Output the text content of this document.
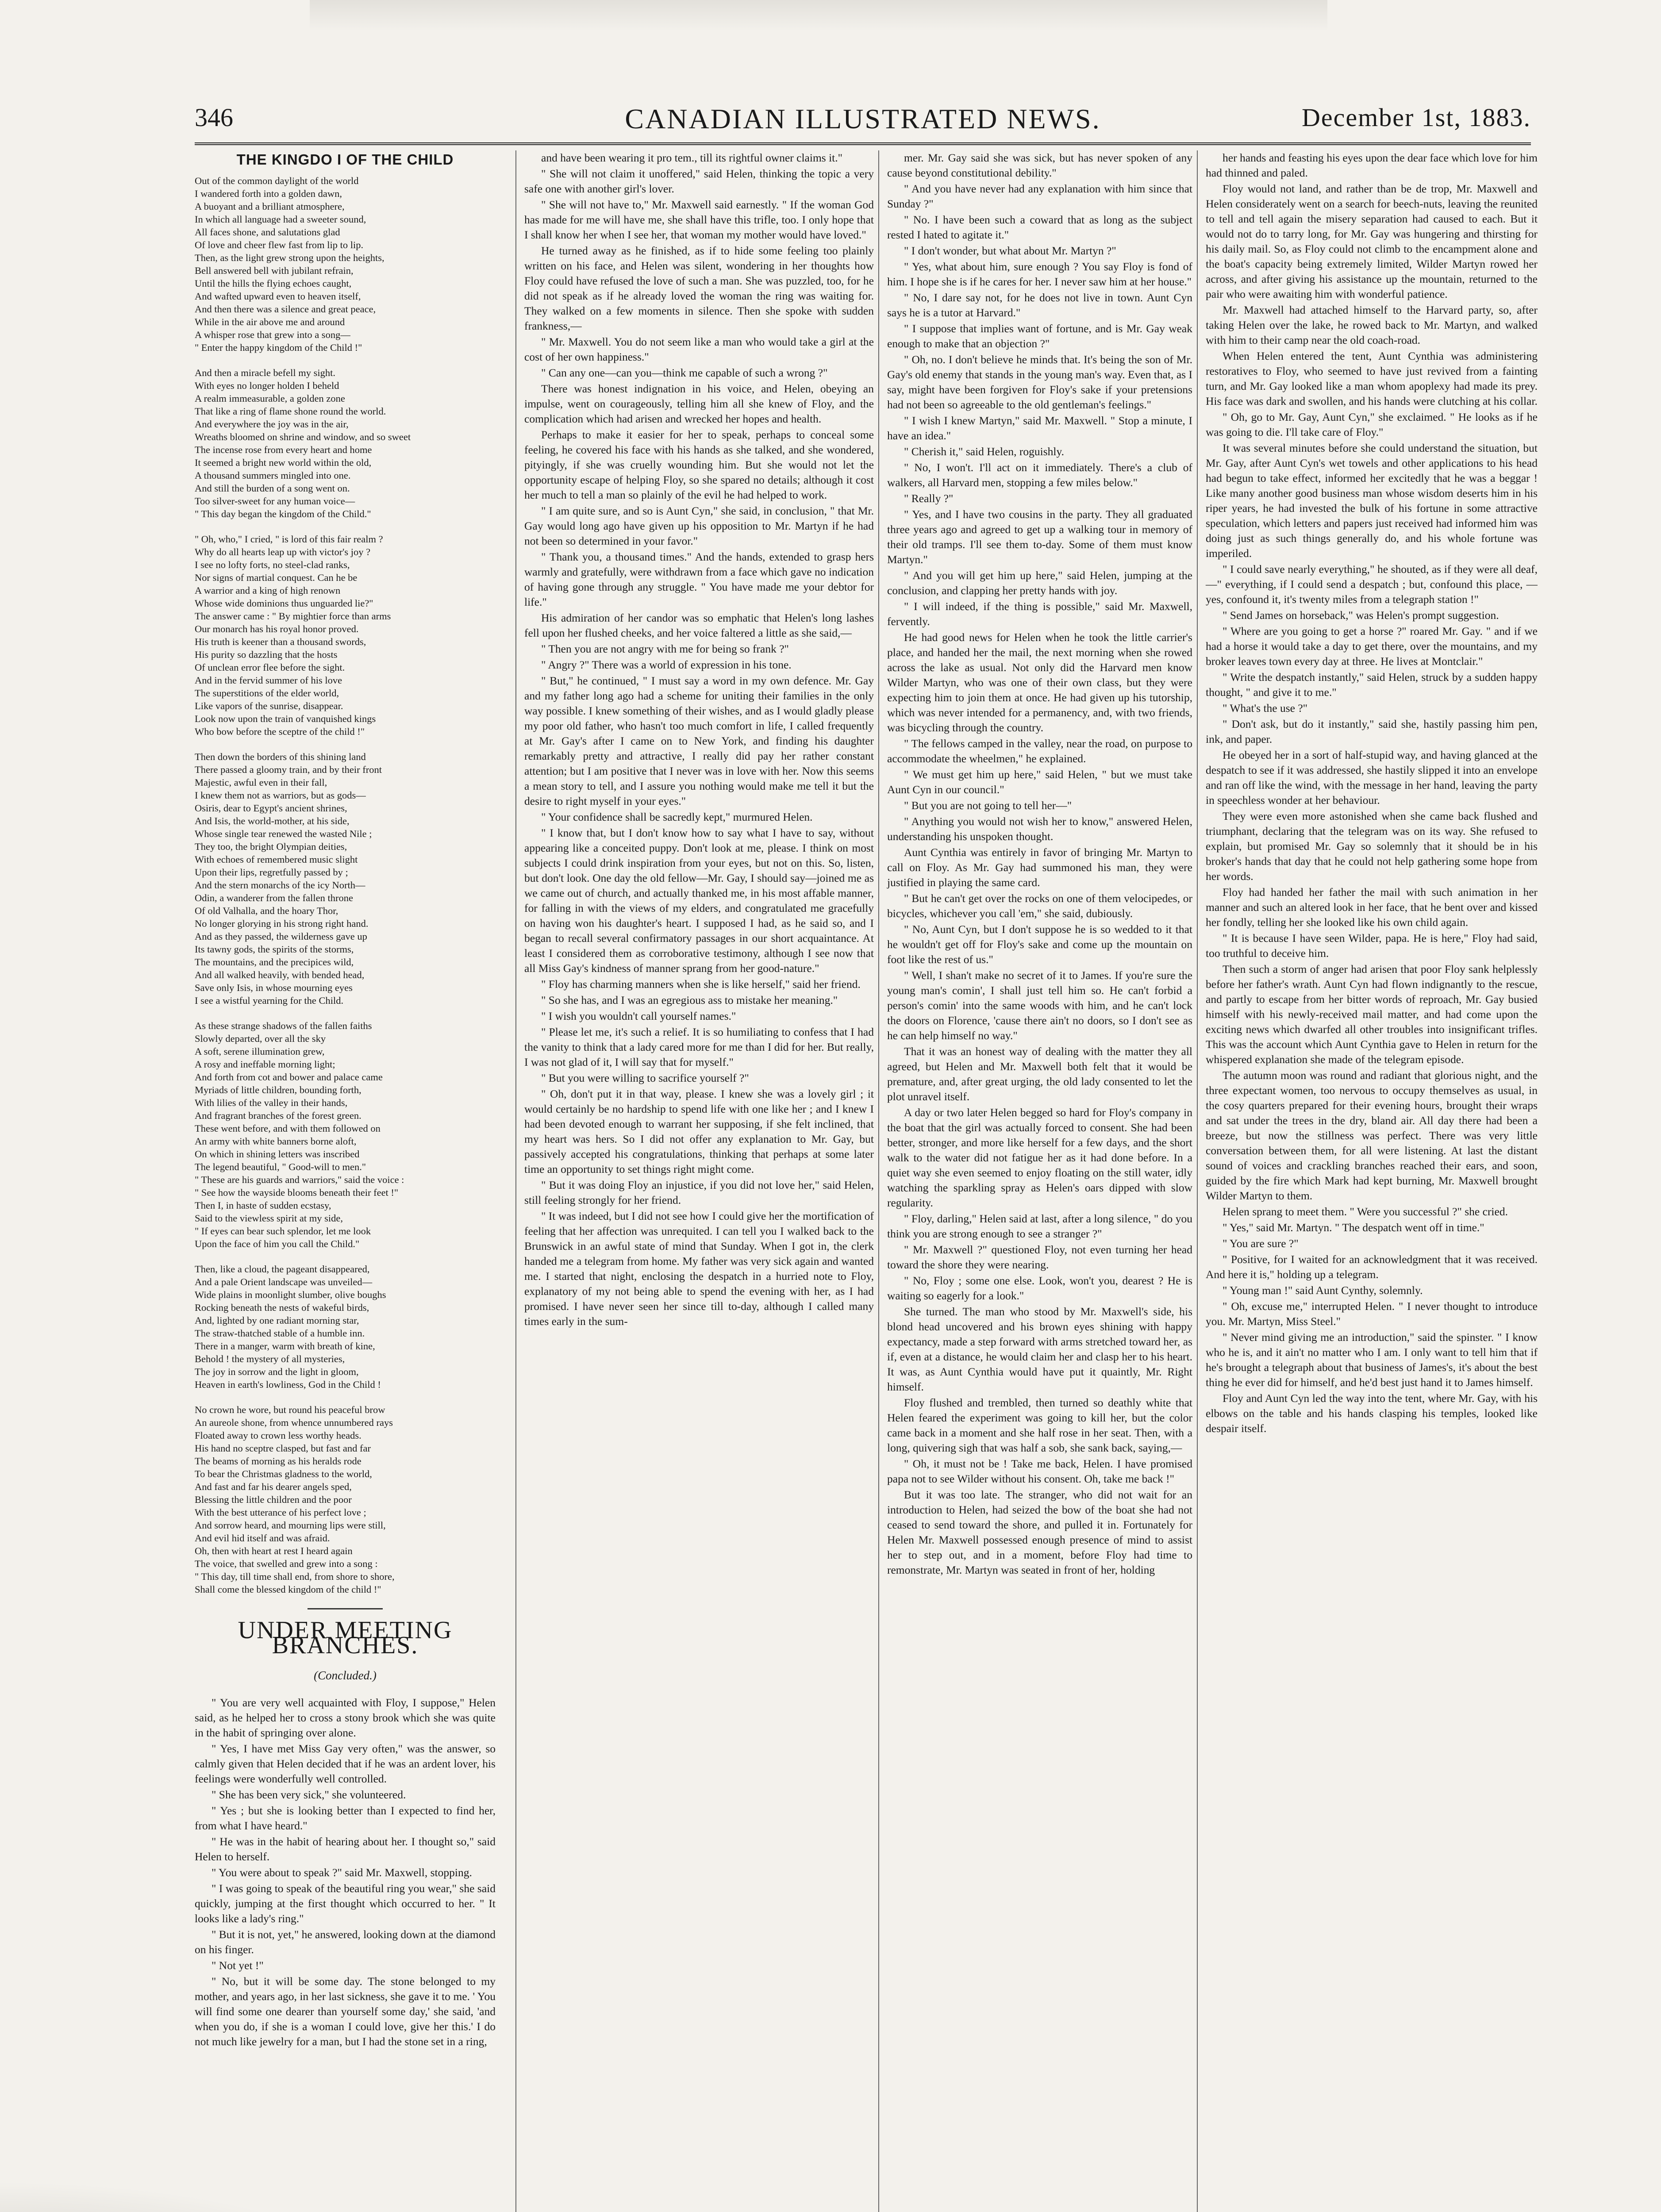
346	CANADIAN ILLUSTRATED NEWS.	December 1st, 1883.
THE KINGDO I OF THE CHILD
Out of the common daylight of the world
I wandered forth into a golden dawn,
A buoyant and a brilliant atmosphere,
In which all language had a sweeter sound,
All faces shone, and salutations glad
Of love and cheer flew fast from lip to lip.
Then, as the light grew strong upon the heights,
Bell answered bell with jubilant refrain,
Until the hills the flying echoes caught,
And wafted upward even to heaven itself,
And then there was a silence and great peace,
While in the air above me and around
A whisper rose that grew into a song—
" Enter the happy kingdom of the Child !"
And then a miracle befell my sight.
With eyes no longer holden I beheld
A realm immeasurable, a golden zone
That like a ring of flame shone round the world.
And everywhere the joy was in the air,
Wreaths bloomed on shrine and window, and so sweet
The incense rose from every heart and home
It seemed a bright new world within the old,
A thousand summers mingled into one.
And still the burden of a song went on.
Too silver-sweet for any human voice—
" This day began the kingdom of the Child."
" Oh, who," I cried, " is lord of this fair realm ?
Why do all hearts leap up with victor's joy ?
I see no lofty forts, no steel-clad ranks,
Nor signs of martial conquest. Can he be
A warrior and a king of high renown
Whose wide dominions thus unguarded lie?"
The answer came : " By mightier force than arms
Our monarch has his royal honor proved.
His truth is keener than a thousand swords,
His purity so dazzling that the hosts
Of unclean error flee before the sight.
And in the fervid summer of his love
The superstitions of the elder world,
Like vapors of the sunrise, disappear.
Look now upon the train of vanquished kings
Who bow before the sceptre of the child !"
Then down the borders of this shining land
There passed a gloomy train, and by their front
Majestic, awful even in their fall,
I knew them not as warriors, but as gods—
Osiris, dear to Egypt's ancient shrines,
And Isis, the world-mother, at his side,
Whose single tear renewed the wasted Nile ;
They too, the bright Olympian deities,
With echoes of remembered music slight
Upon their lips, regretfully passed by ;
And the stern monarchs of the icy North—
Odin, a wanderer from the fallen throne
Of old Valhalla, and the hoary Thor,
No longer glorying in his strong right hand.
And as they passed, the wilderness gave up
Its tawny gods, the spirits of the storms,
The mountains, and the precipices wild,
And all walked heavily, with bended head,
Save only Isis, in whose mourning eyes
I see a wistful yearning for the Child.
As these strange shadows of the fallen faiths
Slowly departed, over all the sky
A soft, serene illumination grew,
A rosy and ineffable morning light;
And forth from cot and bower and palace came
Myriads of little children, bounding forth,
With lilies of the valley in their hands,
And fragrant branches of the forest green.
These went before, and with them followed on
An army with white banners borne aloft,
On which in shining letters was inscribed
The legend beautiful, " Good-will to men."
" These are his guards and warriors," said the voice :
" See how the wayside blooms beneath their feet !"
Then I, in haste of sudden ecstasy,
Said to the viewless spirit at my side,
" If eyes can bear such splendor, let me look
Upon the face of him you call the Child."
Then, like a cloud, the pageant disappeared,
And a pale Orient landscape was unveiled—
Wide plains in moonlight slumber, olive boughs
Rocking beneath the nests of wakeful birds,
And, lighted by one radiant morning star,
The straw-thatched stable of a humble inn.
There in a manger, warm with breath of kine,
Behold ! the mystery of all mysteries,
The joy in sorrow and the light in gloom,
Heaven in earth's lowliness, God in the Child !
No crown he wore, but round his peaceful brow
An aureole shone, from whence unnumbered rays
Floated away to crown less worthy heads.
His hand no sceptre clasped, but fast and far
The beams of morning as his heralds rode
To bear the Christmas gladness to the world,
And fast and far his dearer angels sped,
Blessing the little children and the poor
With the best utterance of his perfect love ;
And sorrow heard, and mourning lips were still,
And evil hid itself and was afraid.
Oh, then with heart at rest I heard again
The voice, that swelled and grew into a song :
" This day, till time shall end, from shore to shore,
Shall come the blessed kingdom of the child !"
UNDER MEETING BRANCHES.
(Concluded.)

" You are very well acquainted with Floy, I suppose," Helen said, as he helped her to cross a stony brook which she was quite in the habit of springing over alone.

" Yes, I have met Miss Gay very often," was the answer, so calmly given that Helen decided that if he was an ardent lover, his feelings were wonderfully well controlled.

" She has been very sick," she volunteered.

" Yes ; but she is looking better than I expected to find her, from what I have heard."

" He was in the habit of hearing about her. I thought so," said Helen to herself.

" You were about to speak ?" said Mr. Maxwell, stopping.

" I was going to speak of the beautiful ring you wear," she said quickly, jumping at the first thought which occurred to her. " It looks like a lady's ring."

" But it is not, yet," he answered, looking down at the diamond on his finger.

" Not yet !"

" No, but it will be some day. The stone belonged to my mother, and years ago, in her last sickness, she gave it to me. ' You will find some one dearer than yourself some day,' she said, 'and when you do, if she is a woman I could love, give her this.' I do not much like jewelry for a man, but I had the stone set in a ring,

and have been wearing it pro tem., till its rightful owner claims it."

" She will not claim it unoffered," said Helen, thinking the topic a very safe one with another girl's lover.

" She will not have to," Mr. Maxwell said earnestly. " If the woman God has made for me will have me, she shall have this trifle, too. I only hope that I shall know her when I see her, that woman my mother would have loved."

He turned away as he finished, as if to hide some feeling too plainly written on his face, and Helen was silent, wondering in her thoughts how Floy could have refused the love of such a man. She was puzzled, too, for he did not speak as if he already loved the woman the ring was waiting for. They walked on a few moments in silence. Then she spoke with sudden frankness,—

" Mr. Maxwell. You do not seem like a man who would take a girl at the cost of her own happiness."

" Can any one—can you—think me capable of such a wrong ?"

There was honest indignation in his voice, and Helen, obeying an impulse, went on courageously, telling him all she knew of Floy, and the complication which had arisen and wrecked her hopes and health.

Perhaps to make it easier for her to speak, perhaps to conceal some feeling, he covered his face with his hands as she talked, and she wondered, pityingly, if she was cruelly wounding him. But she would not let the opportunity escape of helping Floy, so she spared no details; although it cost her much to tell a man so plainly of the evil he had helped to work.

" I am quite sure, and so is Aunt Cyn," she said, in conclusion, " that Mr. Gay would long ago have given up his opposition to Mr. Martyn if he had not been so determined in your favor."

" Thank you, a thousand times." And the hands, extended to grasp hers warmly and gratefully, were withdrawn from a face which gave no indication of having gone through any struggle. " You have made me your debtor for life."

His admiration of her candor was so emphatic that Helen's long lashes fell upon her flushed cheeks, and her voice faltered a little as she said,—

" Then you are not angry with me for being so frank ?"

" Angry ?" There was a world of expression in his tone.

" But," he continued, " I must say a word in my own defence. Mr. Gay and my father long ago had a scheme for uniting their families in the only way possible. I knew something of their wishes, and as I would gladly please my poor old father, who hasn't too much comfort in life, I called frequently at Mr. Gay's after I came on to New York, and finding his daughter remarkably pretty and attractive, I really did pay her rather constant attention; but I am positive that I never was in love with her. Now this seems a mean story to tell, and I assure you nothing would make me tell it but the desire to right myself in your eyes."

" Your confidence shall be sacredly kept," murmured Helen.

" I know that, but I don't know how to say what I have to say, without appearing like a conceited puppy. Don't look at me, please. I think on most subjects I could drink inspiration from your eyes, but not on this. So, listen, but don't look. One day the old fellow—Mr. Gay, I should say—joined me as we came out of church, and actually thanked me, in his most affable manner, for falling in with the views of my elders, and congratulated me gracefully on having won his daughter's heart. I supposed I had, as he said so, and I began to recall several confirmatory passages in our short acquaintance. At least I considered them as corroborative testimony, although I see now that all Miss Gay's kindness of manner sprang from her good-nature."

" Floy has charming manners when she is like herself," said her friend.

" So she has, and I was an egregious ass to mistake her meaning."

" I wish you wouldn't call yourself names."

" Please let me, it's such a relief. It is so humiliating to confess that I had the vanity to think that a lady cared more for me than I did for her. But really, I was not glad of it, I will say that for myself."

" But you were willing to sacrifice yourself ?"

" Oh, don't put it in that way, please. I knew she was a lovely girl ; it would certainly be no hardship to spend life with one like her ; and I knew I had been devoted enough to warrant her supposing, if she felt inclined, that my heart was hers. So I did not offer any explanation to Mr. Gay, but passively accepted his congratulations, thinking that perhaps at some later time an opportunity to set things right might come.

" But it was doing Floy an injustice, if you did not love her," said Helen, still feeling strongly for her friend.

" It was indeed, but I did not see how I could give her the mortification of feeling that her affection was unrequited. I can tell you I walked back to the Brunswick in an awful state of mind that Sunday. When I got in, the clerk handed me a telegram from home. My father was very sick again and wanted me. I started that night, enclosing the despatch in a hurried note to Floy, explanatory of my not being able to spend the evening with her, as I had promised. I have never seen her since till to-day, although I called many times early in the sum-

mer. Mr. Gay said she was sick, but has never spoken of any cause beyond constitutional debility."

" And you have never had any explanation with him since that Sunday ?"

" No. I have been such a coward that as long as the subject rested I hated to agitate it."

" I don't wonder, but what about Mr. Martyn ?"

" Yes, what about him, sure enough ? You say Floy is fond of him. I hope she is if he cares for her. I never saw him at her house."

" No, I dare say not, for he does not live in town. Aunt Cyn says he is a tutor at Harvard."

" I suppose that implies want of fortune, and is Mr. Gay weak enough to make that an objection ?"

" Oh, no. I don't believe he minds that. It's being the son of Mr. Gay's old enemy that stands in the young man's way. Even that, as I say, might have been forgiven for Floy's sake if your pretensions had not been so agreeable to the old gentleman's feelings."

" I wish I knew Martyn," said Mr. Maxwell. " Stop a minute, I have an idea."

" Cherish it," said Helen, roguishly.

" No, I won't. I'll act on it immediately. There's a club of walkers, all Harvard men, stopping a few miles below."

" Really ?"

" Yes, and I have two cousins in the party. They all graduated three years ago and agreed to get up a walking tour in memory of their old tramps. I'll see them to-day. Some of them must know Martyn."

" And you will get him up here," said Helen, jumping at the conclusion, and clapping her pretty hands with joy.

" I will indeed, if the thing is possible," said Mr. Maxwell, fervently.

He had good news for Helen when he took the little carrier's place, and handed her the mail, the next morning when she rowed across the lake as usual. Not only did the Harvard men know Wilder Martyn, who was one of their own class, but they were expecting him to join them at once. He had given up his tutorship, which was never intended for a permanency, and, with two friends, was bicycling through the country.

" The fellows camped in the valley, near the road, on purpose to accommodate the wheelmen," he explained.

" We must get him up here," said Helen, " but we must take Aunt Cyn in our council."

" But you are not going to tell her—"

" Anything you would not wish her to know," answered Helen, understanding his unspoken thought.

Aunt Cynthia was entirely in favor of bringing Mr. Martyn to call on Floy. As Mr. Gay had summoned his man, they were justified in playing the same card.

" But he can't get over the rocks on one of them velocipedes, or bicycles, whichever you call 'em," she said, dubiously.

" No, Aunt Cyn, but I don't suppose he is so wedded to it that he wouldn't get off for Floy's sake and come up the mountain on foot like the rest of us."

" Well, I shan't make no secret of it to James. If you're sure the young man's comin', I shall just tell him so. He can't forbid a person's comin' into the same woods with him, and he can't lock the doors on Florence, 'cause there ain't no doors, so I don't see as he can help himself no way."

That it was an honest way of dealing with the matter they all agreed, but Helen and Mr. Maxwell both felt that it would be premature, and, after great urging, the old lady consented to let the plot unravel itself.

A day or two later Helen begged so hard for Floy's company in the boat that the girl was actually forced to consent. She had been better, stronger, and more like herself for a few days, and the short walk to the water did not fatigue her as it had done before. In a quiet way she even seemed to enjoy floating on the still water, idly watching the sparkling spray as Helen's oars dipped with slow regularity.

" Floy, darling," Helen said at last, after a long silence, " do you think you are strong enough to see a stranger ?"

" Mr. Maxwell ?" questioned Floy, not even turning her head toward the shore they were nearing.

" No, Floy ; some one else. Look, won't you, dearest ? He is waiting so eagerly for a look."

She turned. The man who stood by Mr. Maxwell's side, his blond head uncovered and his brown eyes shining with happy expectancy, made a step forward with arms stretched toward her, as if, even at a distance, he would claim her and clasp her to his heart. It was, as Aunt Cynthia would have put it quaintly, Mr. Right himself.

Floy flushed and trembled, then turned so deathly white that Helen feared the experiment was going to kill her, but the color came back in a moment and she half rose in her seat. Then, with a long, quivering sigh that was half a sob, she sank back, saying,—

" Oh, it must not be ! Take me back, Helen. I have promised papa not to see Wilder without his consent. Oh, take me back !"

But it was too late. The stranger, who did not wait for an introduction to Helen, had seized the bow of the boat she had not ceased to send toward the shore, and pulled it in. Fortunately for Helen Mr. Maxwell possessed enough presence of mind to assist her to step out, and in a moment, before Floy had time to remonstrate, Mr. Martyn was seated in front of her, holding

her hands and feasting his eyes upon the dear face which love for him had thinned and paled.

Floy would not land, and rather than be de trop, Mr. Maxwell and Helen considerately went on a search for beech-nuts, leaving the reunited to tell and tell again the misery separation had caused to each. But it would not do to tarry long, for Mr. Gay was hungering and thirsting for his daily mail. So, as Floy could not climb to the encampment alone and the boat's capacity being extremely limited, Wilder Martyn rowed her across, and after giving his assistance up the mountain, returned to the pair who were awaiting him with wonderful patience.

Mr. Maxwell had attached himself to the Harvard party, so, after taking Helen over the lake, he rowed back to Mr. Martyn, and walked with him to their camp near the old coach-road.

When Helen entered the tent, Aunt Cynthia was administering restoratives to Floy, who seemed to have just revived from a fainting turn, and Mr. Gay looked like a man whom apoplexy had made its prey. His face was dark and swollen, and his hands were clutching at his collar.

" Oh, go to Mr. Gay, Aunt Cyn," she exclaimed. " He looks as if he was going to die. I'll take care of Floy."

It was several minutes before she could understand the situation, but Mr. Gay, after Aunt Cyn's wet towels and other applications to his head had begun to take effect, informed her excitedly that he was a beggar ! Like many another good business man whose wisdom deserts him in his riper years, he had invested the bulk of his fortune in some attractive speculation, which letters and papers just received had informed him was doing just as such things generally do, and his whole fortune was imperiled.

" I could save nearly everything," he shouted, as if they were all deaf,—" everything, if I could send a despatch ; but, confound this place, —yes, confound it, it's twenty miles from a telegraph station !"

" Send James on horseback," was Helen's prompt suggestion.

" Where are you going to get a horse ?" roared Mr. Gay. " and if we had a horse it would take a day to get there, over the mountains, and my broker leaves town every day at three. He lives at Montclair."

" Write the despatch instantly," said Helen, struck by a sudden happy thought, " and give it to me."

" What's the use ?"

" Don't ask, but do it instantly," said she, hastily passing him pen, ink, and paper.

He obeyed her in a sort of half-stupid way, and having glanced at the despatch to see if it was addressed, she hastily slipped it into an envelope and ran off like the wind, with the message in her hand, leaving the party in speechless wonder at her behaviour.

They were even more astonished when she came back flushed and triumphant, declaring that the telegram was on its way. She refused to explain, but promised Mr. Gay so solemnly that it should be in his broker's hands that day that he could not help gathering some hope from her words.

Floy had handed her father the mail with such animation in her manner and such an altered look in her face, that he bent over and kissed her fondly, telling her she looked like his own child again.

" It is because I have seen Wilder, papa. He is here," Floy had said, too truthful to deceive him.

Then such a storm of anger had arisen that poor Floy sank helplessly before her father's wrath. Aunt Cyn had flown indignantly to the rescue, and partly to escape from her bitter words of reproach, Mr. Gay busied himself with his newly-received mail matter, and had come upon the exciting news which dwarfed all other troubles into insignificant trifles. This was the account which Aunt Cynthia gave to Helen in return for the whispered explanation she made of the telegram episode.

The autumn moon was round and radiant that glorious night, and the three expectant women, too nervous to occupy themselves as usual, in the cosy quarters prepared for their evening hours, brought their wraps and sat under the trees in the dry, bland air. All day there had been a breeze, but now the stillness was perfect. There was very little conversation between them, for all were listening. At last the distant sound of voices and crackling branches reached their ears, and soon, guided by the fire which Mark had kept burning, Mr. Maxwell brought Wilder Martyn to them.

Helen sprang to meet them. " Were you successful ?" she cried.

" Yes," said Mr. Martyn. " The despatch went off in time."

" You are sure ?"

" Positive, for I waited for an acknowledgment that it was received. And here it is," holding up a telegram.

" Young man !" said Aunt Cynthy, solemnly.

" Oh, excuse me," interrupted Helen. " I never thought to introduce you. Mr. Martyn, Miss Steel."

" Never mind giving me an introduction," said the spinster. " I know who he is, and it ain't no matter who I am. I only want to tell him that if he's brought a telegraph about that business of James's, it's about the best thing he ever did for himself, and he'd best just hand it to James himself.

Floy and Aunt Cyn led the way into the tent, where Mr. Gay, with his elbows on the table and his hands clasping his temples, looked like despair itself.
